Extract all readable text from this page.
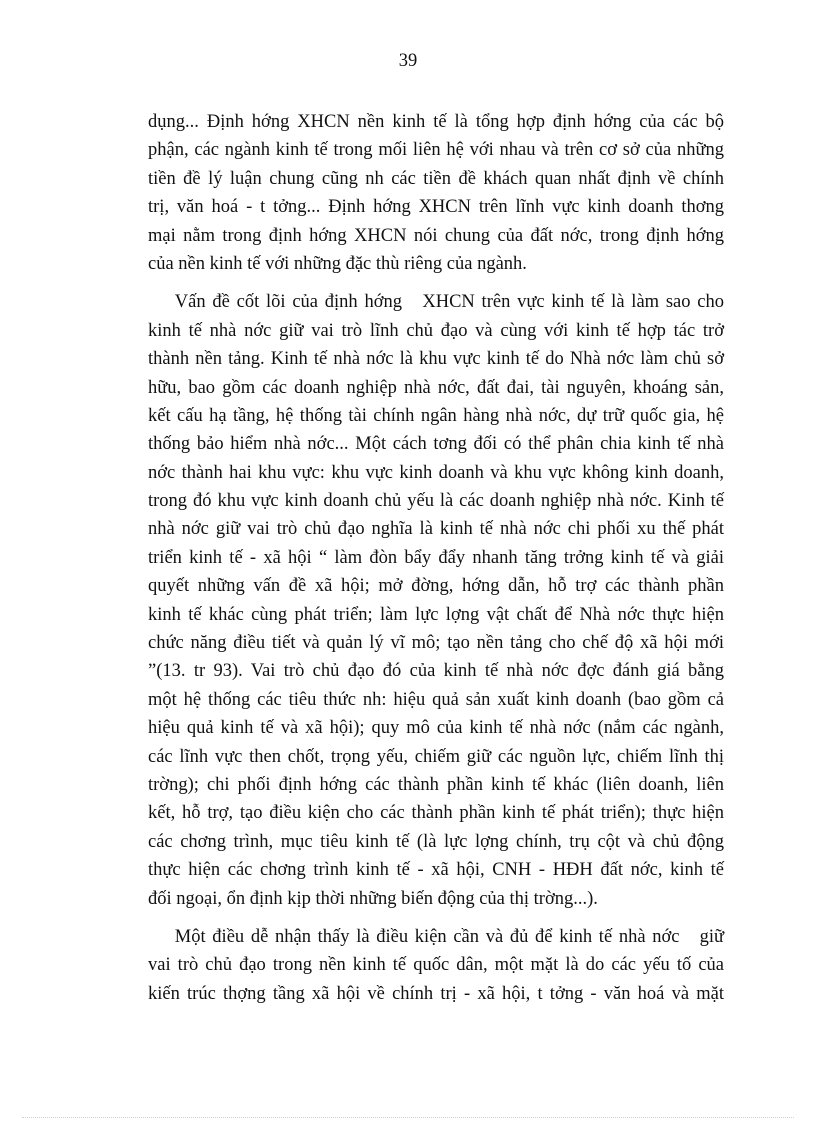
39
dụng... Định hớng XHCN nền kinh tế là tổng hợp định hớng của các bộ
phận, các ngành kinh tế trong mối liên hệ với nhau và trên cơ sở của những
tiền đề lý luận chung cũng nh các tiền đề khách quan nhất định về chính
trị, văn hoá - t tởng... Định hớng XHCN trên lĩnh vực kinh doanh thơng
mại nằm trong định hớng XHCN nói chung của đất nớc, trong định hớng
của nền kinh tế với những đặc thù riêng của ngành.
Vấn đề cốt lõi của định hớng   XHCN trên vực kinh tế là làm sao cho
kinh tế nhà nớc giữ vai trò lĩnh chủ đạo và cùng với kinh tế hợp tác trở
thành nền tảng. Kinh tế nhà nớc là khu vực kinh tế do Nhà nớc làm chủ sở
hữu, bao gồm các doanh nghiệp nhà nớc, đất đai, tài nguyên, khoáng sản,
kết cấu hạ tầng, hệ thống tài chính ngân hàng nhà nớc, dự trữ quốc gia, hệ
thống bảo hiểm nhà nớc... Một cách tơng đối có thể phân chia kinh tế nhà
nớc thành hai khu vực: khu vực kinh doanh và khu vực không kinh doanh,
trong đó khu vực kinh doanh chủ yếu là các doanh nghiệp nhà nớc. Kinh tế
nhà nớc giữ vai trò chủ đạo nghĩa là kinh tế nhà nớc chi phối xu thế phát
triển kinh tế - xã hội “ làm đòn bẩy đẩy nhanh tăng trởng kinh tế và giải
quyết những vấn đề xã hội; mở đờng, hớng dẫn, hỗ trợ các thành phần
kinh tế khác cùng phát triển; làm lực lợng vật chất để Nhà nớc thực hiện
chức năng điều tiết và quản lý vĩ mô; tạo nền tảng cho chế độ xã hội mới
”(13. tr 93). Vai trò chủ đạo đó của kinh tế nhà nớc đợc đánh giá bằng
một hệ thống các tiêu thức nh: hiệu quả sản xuất kinh doanh (bao gồm cả
hiệu quả kinh tế và xã hội); quy mô của kinh tế nhà nớc (nắm các ngành,
các lĩnh vực then chốt, trọng yếu, chiếm giữ các nguồn lực, chiếm lĩnh thị
trờng); chi phối định hớng các thành phần kinh tế khác (liên doanh, liên
kết, hỗ trợ, tạo điều kiện cho các thành phần kinh tế phát triển); thực hiện
các chơng trình, mục tiêu kinh tế (là lực lợng chính, trụ cột và chủ động
thực hiện các chơng trình kinh tế - xã hội, CNH - HĐH đất nớc, kinh tế
đối ngoại, ổn định kịp thời những biến động của thị trờng...).
Một điều dễ nhận thấy là điều kiện cần và đủ để kinh tế nhà nớc   giữ
vai trò chủ đạo trong nền kinh tế quốc dân, một mặt là do các yếu tố của
kiến trúc thợng tầng xã hội về chính trị - xã hội, t tởng - văn hoá và mặt
